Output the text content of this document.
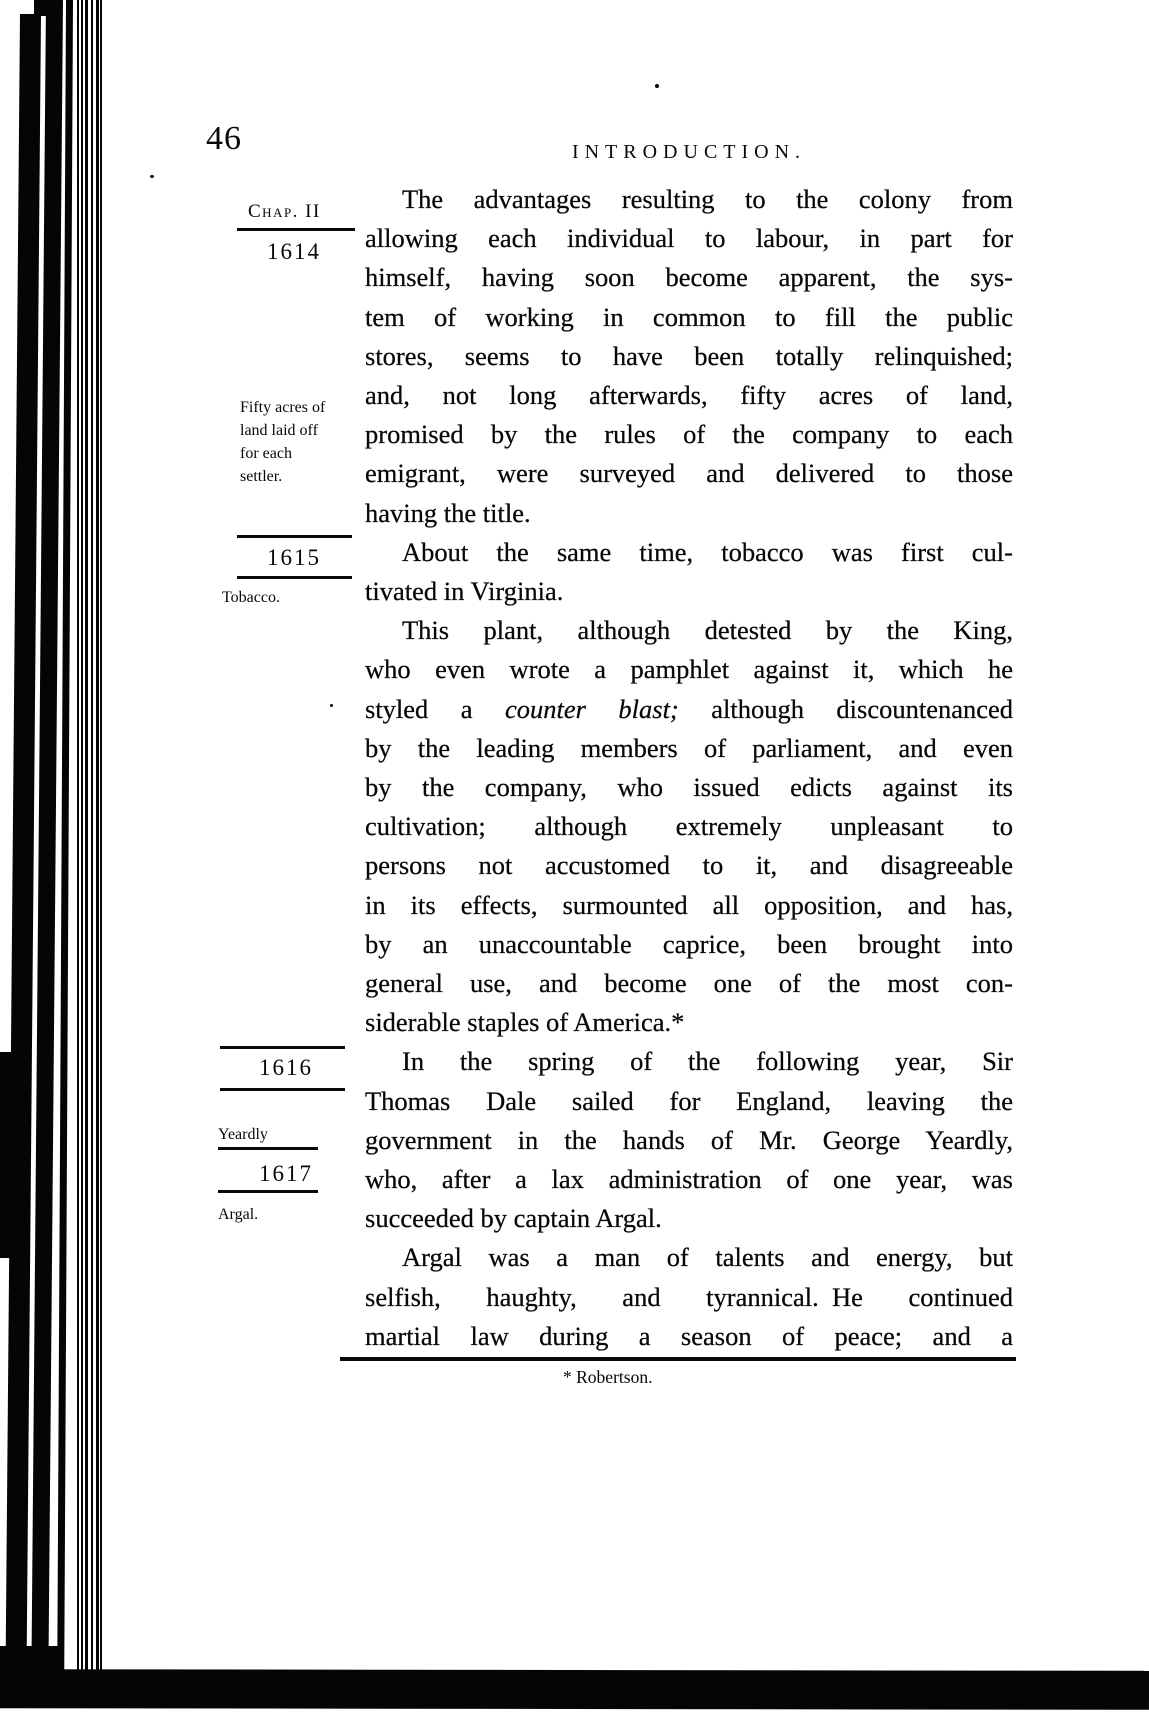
46	INTRODUCTION.
Chap. II
1614
Fifty acres of land laid off for each settler.
1615
Tobacco.
1616
Yeardly
1617
Argal.
The advantages resulting to the colony from
allowing each individual to labour, in part for
himself, having soon become apparent, the sys-
tem of working in common to fill the public
stores, seems to have been totally relinquished;
and, not long afterwards, fifty acres of land,
promised by the rules of the company to each
emigrant, were surveyed and delivered to those
having the title.
About the same time, tobacco was first cul-
tivated in Virginia.
This plant, although detested by the King,
who even wrote a pamphlet against it, which he
styled a counter blast; although discountenanced
by the leading members of parliament, and even
by the company, who issued edicts against its
cultivation; although extremely unpleasant to
persons not accustomed to it, and disagreeable
in its effects, surmounted all opposition, and has,
by an unaccountable caprice, been brought into
general use, and become one of the most con-
siderable staples of America.*
In the spring of the following year, Sir
Thomas Dale sailed for England, leaving the
government in the hands of Mr. George Yeardly,
who, after a lax administration of one year, was
succeeded by captain Argal.
Argal was a man of talents and energy, but
selfish, haughty, and tyrannical. He continued
martial law during a season of peace; and a
* Robertson.
